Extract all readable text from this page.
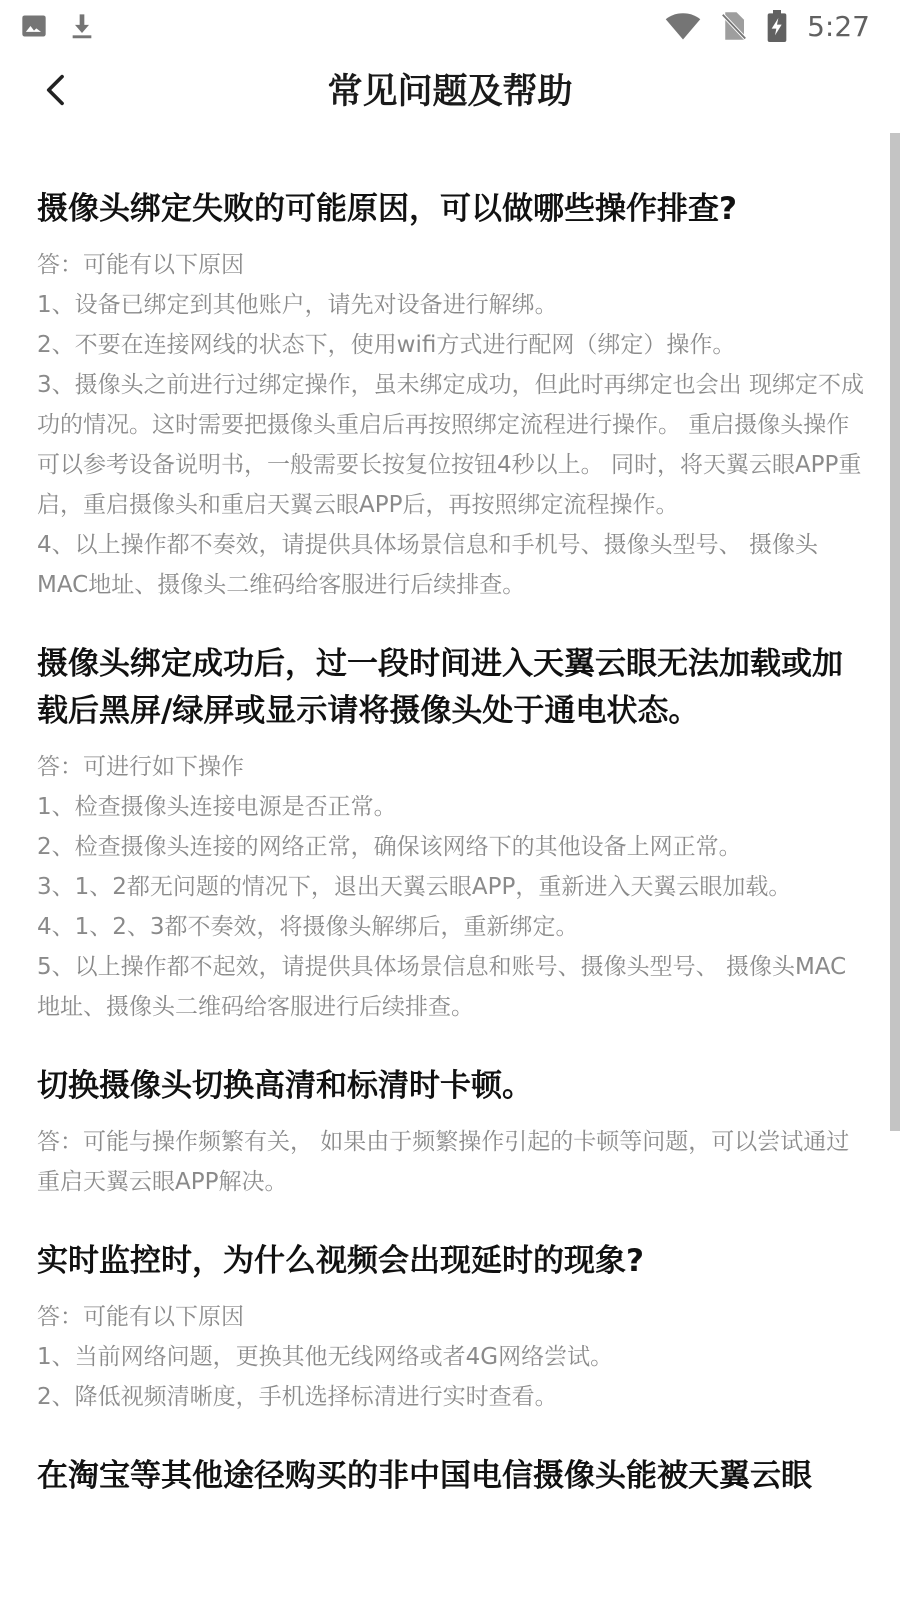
5:27
常见问题及帮助

摄像头绑定失败的可能原因，可以做哪些操作排查?

答：可能有以下原因

1、设备已绑定到其他账户，请先对设备进行解绑。

2、不要在连接网线的状态下，使用wifi方式进行配网（绑定）操作。

3、摄像头之前进行过绑定操作，虽未绑定成功，但此时再绑定也会出 现绑定不成功的情况。这时需要把摄像头重启后再按照绑定流程进行操作。 重启摄像头操作可以参考设备说明书，一般需要长按复位按钮4秒以上。 同时，将天翼云眼APP重启，重启摄像头和重启天翼云眼APP后，再按照绑定流程操作。

4、以上操作都不奏效，请提供具体场景信息和手机号、摄像头型号、 摄像头MAC地址、摄像头二维码给客服进行后续排查。

摄像头绑定成功后，过一段时间进入天翼云眼无法加载或加载后黑屏/绿屏或显示请将摄像头处于通电状态。

答：可进行如下操作

1、检查摄像头连接电源是否正常。

2、检查摄像头连接的网络正常，确保该网络下的其他设备上网正常。

3、1、2都无问题的情况下，退出天翼云眼APP，重新进入天翼云眼加载。

4、1、2、3都不奏效，将摄像头解绑后，重新绑定。

5、以上操作都不起效，请提供具体场景信息和账号、摄像头型号、 摄像头MAC地址、摄像头二维码给客服进行后续排查。

切换摄像头切换高清和标清时卡顿。

答：可能与操作频繁有关， 如果由于频繁操作引起的卡顿等问题，可以尝试通过重启天翼云眼APP解决。

实时监控时，为什么视频会出现延时的现象?

答：可能有以下原因

1、当前网络问题，更换其他无线网络或者4G网络尝试。

2、降低视频清晰度，手机选择标清进行实时查看。

在淘宝等其他途径购买的非中国电信摄像头能被天翼云眼
